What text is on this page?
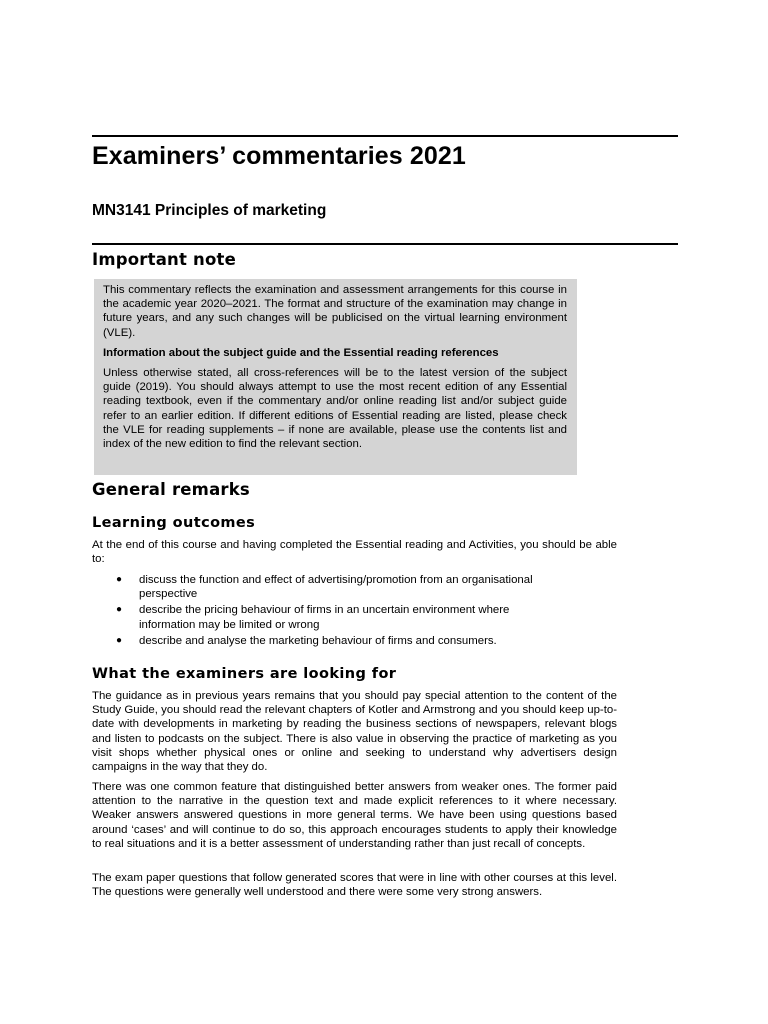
Examiners’ commentaries 2021
MN3141 Principles of marketing
Important note

This commentary reflects the examination and assessment arrangements for this course in the academic year 2020–2021. The format and structure of the examination may change in future years, and any such changes will be publicised on the virtual learning environment (VLE).

Information about the subject guide and the Essential reading references

Unless otherwise stated, all cross-references will be to the latest version of the subject guide (2019). You should always attempt to use the most recent edition of any Essential reading textbook, even if the commentary and/or online reading list and/or subject guide refer to an earlier edition. If different editions of Essential reading are listed, please check the VLE for reading supplements – if none are available, please use the contents list and index of the new edition to find the relevant section.

General remarks
Learning outcomes

At the end of this course and having completed the Essential reading and Activities, you should be able to:

● discuss the function and effect of advertising/promotion from an organisational perspective
● describe the pricing behaviour of firms in an uncertain environment where information may be limited or wrong
● describe and analyse the marketing behaviour of firms and consumers.
What the examiners are looking for

The guidance as in previous years remains that you should pay special attention to the content of the Study Guide, you should read the relevant chapters of Kotler and Armstrong and you should keep up-to-date with developments in marketing by reading the business sections of newspapers, relevant blogs and listen to podcasts on the subject. There is also value in observing the practice of marketing as you visit shops whether physical ones or online and seeking to understand why advertisers design campaigns in the way that they do.

There was one common feature that distinguished better answers from weaker ones. The former paid attention to the narrative in the question text and made explicit references to it where necessary. Weaker answers answered questions in more general terms. We have been using questions based around ‘cases’ and will continue to do so, this approach encourages students to apply their knowledge to real situations and it is a better assessment of understanding rather than just recall of concepts.

The exam paper questions that follow generated scores that were in line with other courses at this level. The questions were generally well understood and there were some very strong answers.
